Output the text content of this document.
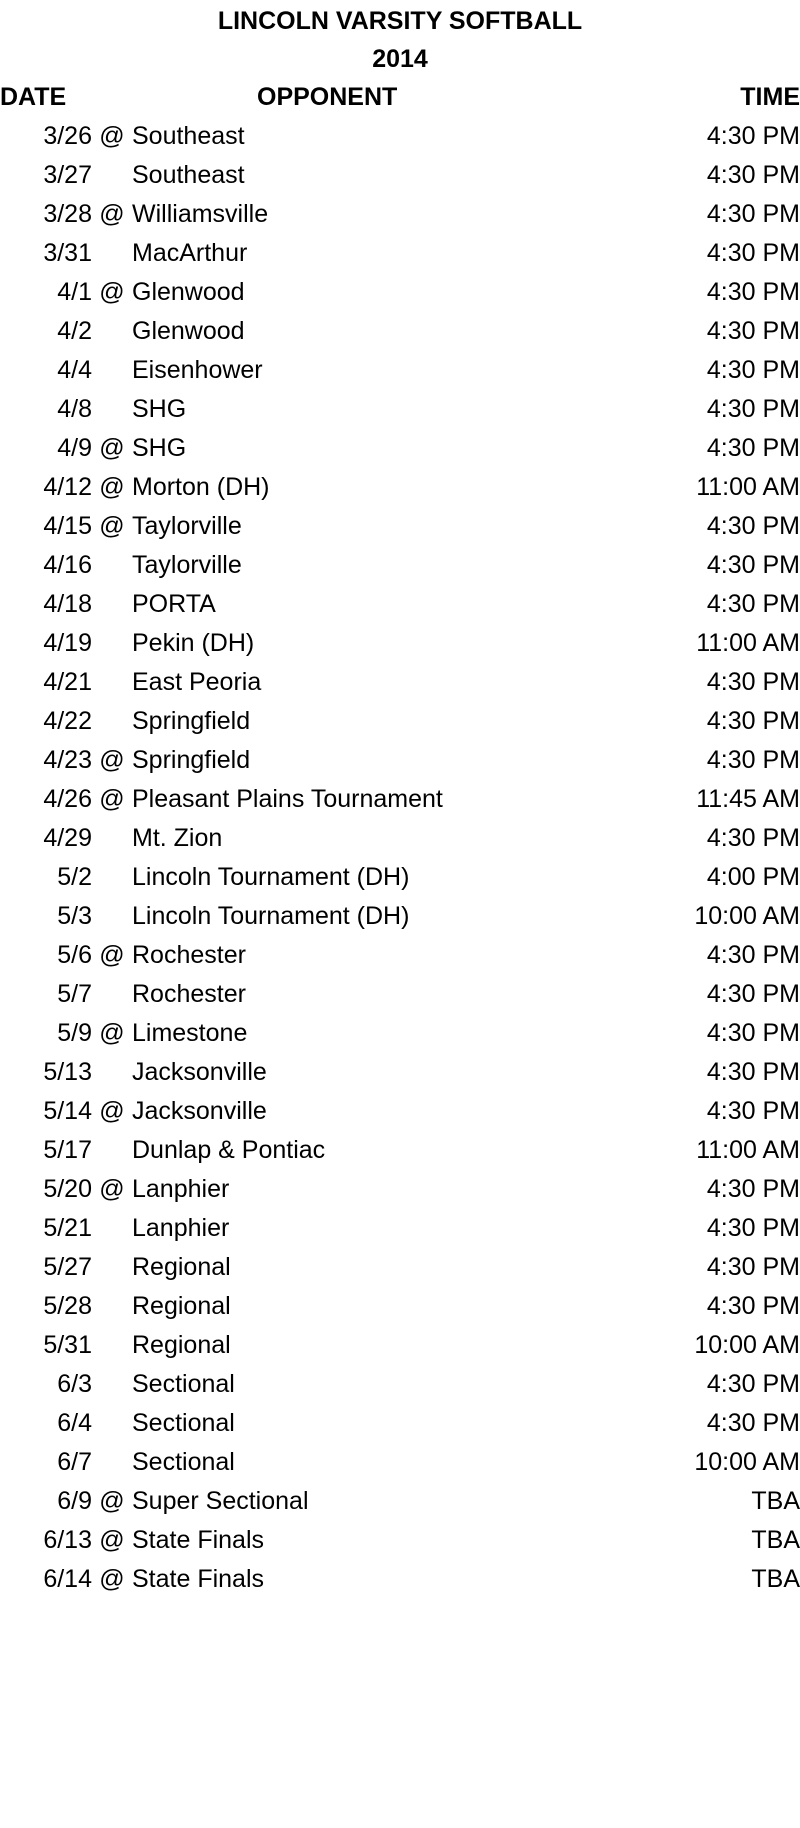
LINCOLN VARSITY SOFTBALL
2014
DATE		OPPONENT	TIME
3/26	@	Southeast	4:30 PM
3/27		Southeast	4:30 PM
3/28	@	Williamsville	4:30 PM
3/31		MacArthur	4:30 PM
4/1	@	Glenwood	4:30 PM
4/2		Glenwood	4:30 PM
4/4		Eisenhower	4:30 PM
4/8		SHG	4:30 PM
4/9	@	SHG	4:30 PM
4/12	@	Morton (DH)	11:00 AM
4/15	@	Taylorville	4:30 PM
4/16		Taylorville	4:30 PM
4/18		PORTA	4:30 PM
4/19		Pekin (DH)	11:00 AM
4/21		East Peoria	4:30 PM
4/22		Springfield	4:30 PM
4/23	@	Springfield	4:30 PM
4/26	@	Pleasant Plains Tournament	11:45 AM
4/29		Mt. Zion	4:30 PM
5/2		Lincoln Tournament (DH)	4:00 PM
5/3		Lincoln Tournament (DH)	10:00 AM
5/6	@	Rochester	4:30 PM
5/7		Rochester	4:30 PM
5/9	@	Limestone	4:30 PM
5/13		Jacksonville	4:30 PM
5/14	@	Jacksonville	4:30 PM
5/17		Dunlap & Pontiac	11:00 AM
5/20	@	Lanphier	4:30 PM
5/21		Lanphier	4:30 PM
5/27		Regional	4:30 PM
5/28		Regional	4:30 PM
5/31		Regional	10:00 AM
6/3		Sectional	4:30 PM
6/4		Sectional	4:30 PM
6/7		Sectional	10:00 AM
6/9	@	Super Sectional	TBA
6/13	@	State Finals	TBA
6/14	@	State Finals	TBA
